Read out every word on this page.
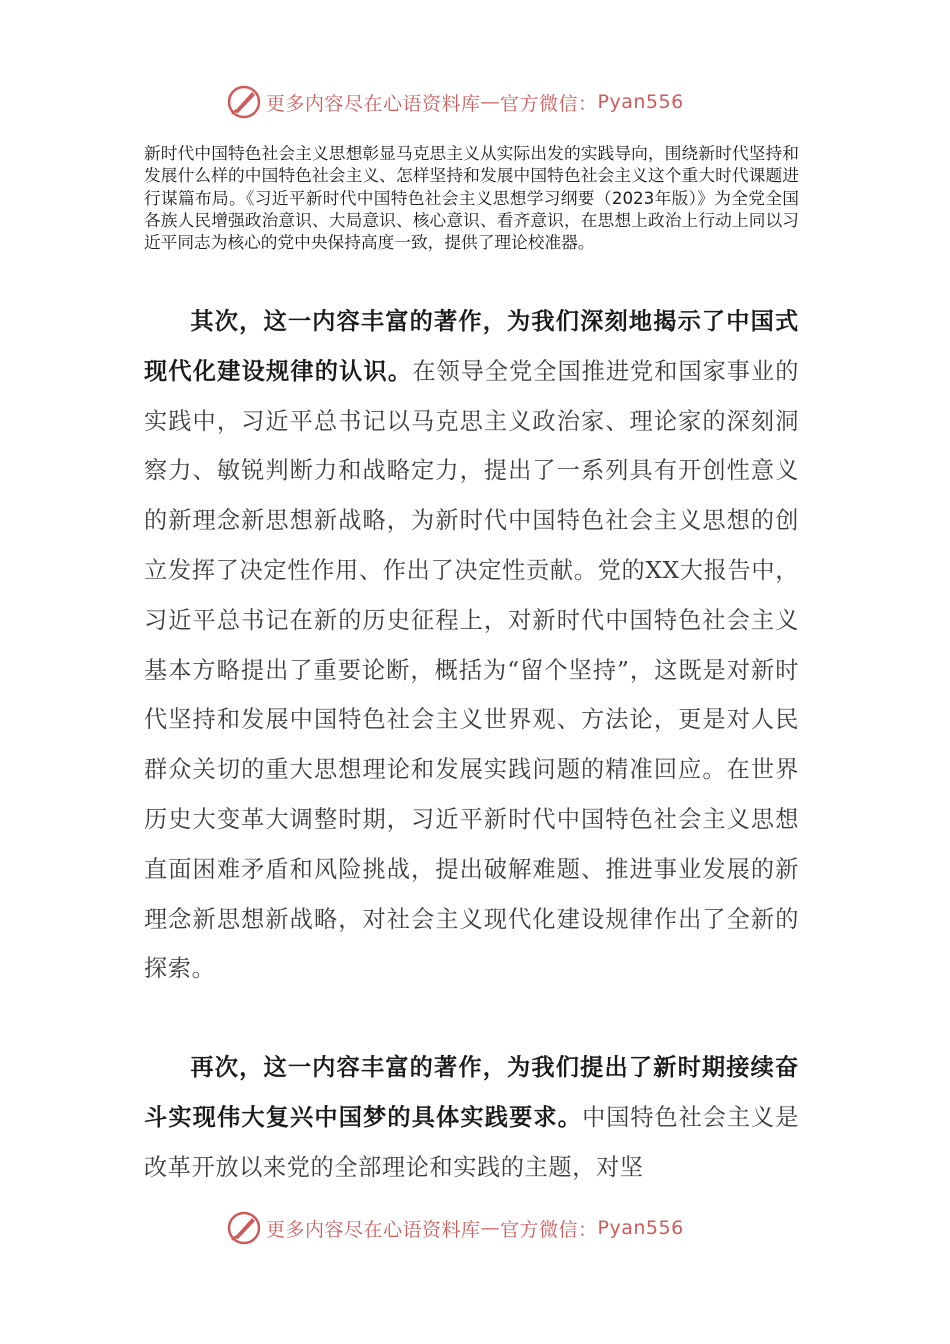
更多内容尽在心语资料库 — 官方微信： Pyan556

新时代中国特色社会主义思想彰显马克思主义从实际出发的实践导向，围绕新时代坚持和发展什么样的中国特色社会主义、怎样坚持和发展中国特色社会主义这个重大时代课题进行谋篇布局。《习近平新时代中国特色社会主义思想学习纲要（2023年版）》为全党全国各族人民增强政治意识、大局意识、核心意识、看齐意识，在思想上政治上行动上同以习近平同志为核心的党中央保持高度一致，提供了理论校准器。

其次，这一内容丰富的著作，为我们深刻地揭示了中国式现代化建设规律的认识。在领导全党全国推进党和国家事业的实践中，习近平总书记以马克思主义政治家、理论家的深刻洞察力、敏锐判断力和战略定力，提出了一系列具有开创性意义的新理念新思想新战略，为新时代中国特色社会主义思想的创立发挥了决定性作用、作出了决定性贡献。党的XX大报告中，习近平总书记在新的历史征程上，对新时代中国特色社会主义基本方略提出了重要论断，概括为“留个坚持”，这既是对新时代坚持和发展中国特色社会主义世界观、方法论，更是对人民群众关切的重大思想理论和发展实践问题的精准回应。在世界历史大变革大调整时期，习近平新时代中国特色社会主义思想直面困难矛盾和风险挑战，提出破解难题、推进事业发展的新理念新思想新战略，对社会主义现代化建设规律作出了全新的探索。

再次，这一内容丰富的著作，为我们提出了新时期接续奋斗实现伟大复兴中国梦的具体实践要求。中国特色社会主义是改革开放以来党的全部理论和实践的主题，对坚

更多内容尽在心语资料库 — 官方微信： Pyan556
